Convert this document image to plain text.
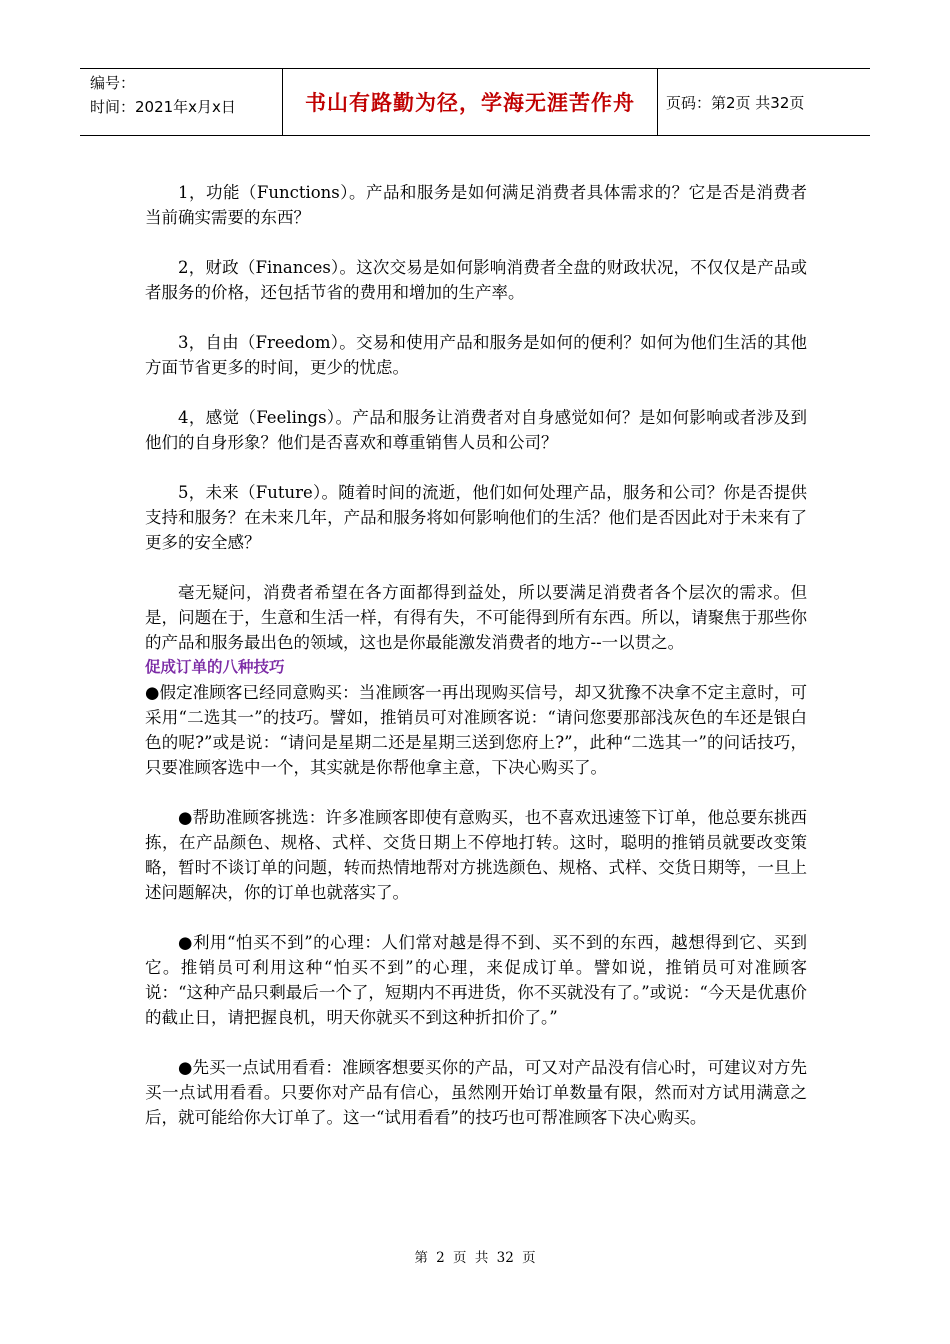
编号：
时间：2021年x月x日	书山有路勤为径，学海无涯苦作舟 页码：第2页 共32页

1，功能（Functions）。产品和服务是如何满足消费者具体需求的？它是否是消费者当前确实需要的东西？

2，财政（Finances）。这次交易是如何影响消费者全盘的财政状况，不仅仅是产品或者服务的价格，还包括节省的费用和增加的生产率。

3，自由（Freedom）。交易和使用产品和服务是如何的便利？如何为他们生活的其他方面节省更多的时间，更少的忧虑。

4，感觉（Feelings）。产品和服务让消费者对自身感觉如何？是如何影响或者涉及到他们的自身形象？他们是否喜欢和尊重销售人员和公司？

5，未来（Future）。随着时间的流逝，他们如何处理产品，服务和公司？你是否提供支持和服务？在未来几年，产品和服务将如何影响他们的生活？他们是否因此对于未来有了更多的安全感？

毫无疑问，消费者希望在各方面都得到益处，所以要满足消费者各个层次的需求。但是，问题在于，生意和生活一样，有得有失，不可能得到所有东西。所以，请聚焦于那些你的产品和服务最出色的领域，这也是你最能激发消费者的地方--一以贯之。

促成订单的八种技巧

●假定准顾客已经同意购买：当准顾客一再出现购买信号，却又犹豫不决拿不定主意时，可采用“二选其一”的技巧。譬如，推销员可对准顾客说：“请问您要那部浅灰色的车还是银白色的呢?”或是说：“请问是星期二还是星期三送到您府上?”，此种“二选其一”的问话技巧，只要准顾客选中一个，其实就是你帮他拿主意，下决心购买了。

●帮助准顾客挑选：许多准顾客即使有意购买，也不喜欢迅速签下订单，他总要东挑西拣，在产品颜色、规格、式样、交货日期上不停地打转。这时，聪明的推销员就要改变策略，暂时不谈订单的问题，转而热情地帮对方挑选颜色、规格、式样、交货日期等，一旦上述问题解决，你的订单也就落实了。

●利用“怕买不到”的心理：人们常对越是得不到、买不到的东西，越想得到它、买到它。推销员可利用这种“怕买不到”的心理，来促成订单。譬如说，推销员可对准顾客说：“这种产品只剩最后一个了，短期内不再进货，你不买就没有了。”或说：“今天是优惠价的截止日，请把握良机，明天你就买不到这种折扣价了。”

●先买一点试用看看：准顾客想要买你的产品，可又对产品没有信心时，可建议对方先买一点试用看看。只要你对产品有信心，虽然刚开始订单数量有限，然而对方试用满意之后，就可能给你大订单了。这一“试用看看”的技巧也可帮准顾客下决心购买。

第 2 页 共 32 页
